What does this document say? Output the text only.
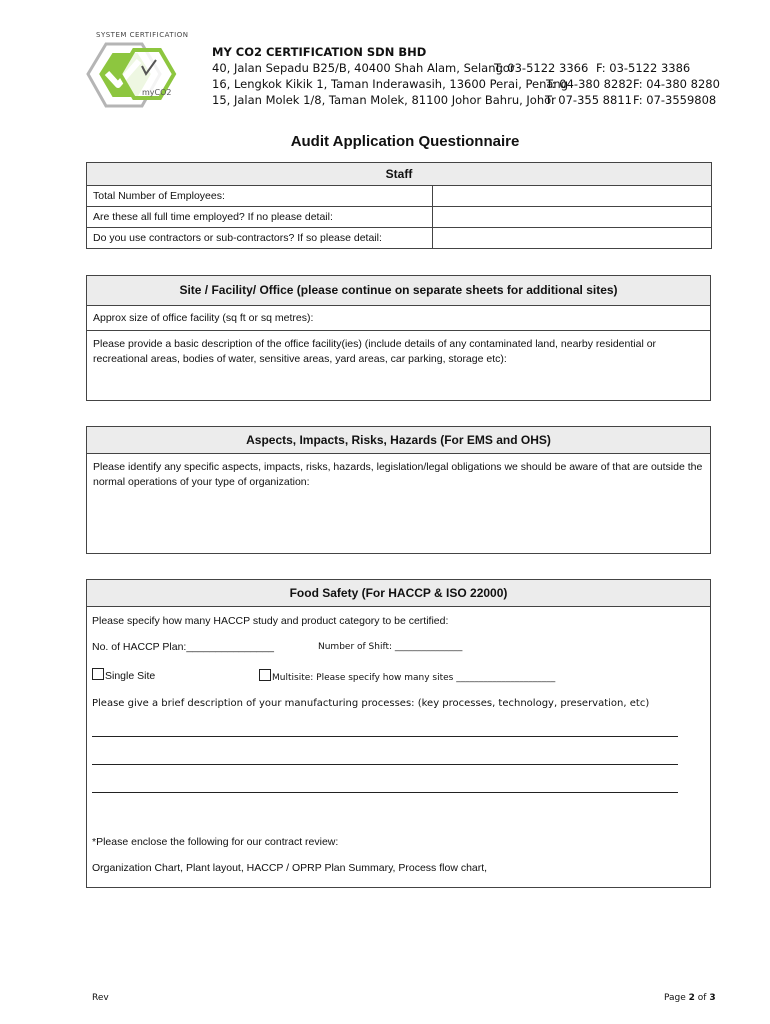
SYSTEM CERTIFICATION
myCO2
MY CO2 CERTIFICATION SDN BHD
40, Jalan Sepadu B25/B, 40400 Shah Alam, Selangor
T: 03-5122 3366 F: 03-5122 3386
16, Lengkok Kikik 1, Taman Inderawasih, 13600 Perai, Penang
T: 04-380 8282 F: 04-380 8280
15, Jalan Molek 1/8, Taman Molek, 81100 Johor Bahru, Johor
T: 07-355 8811 F: 07-3559808
Audit Application Questionnaire
Staff	
Total Number of Employees:	
Are these all full time employed? If no please detail:	
Do you use contractors or sub-contractors? If so please detail:	
Site / Facility/ Office (please continue on separate sheets for additional sites)
Approx size of office facility (sq ft or sq metres):
Please provide a basic description of the office facility(ies) (include details of any contaminated land, nearby residential or recreational areas, bodies of water, sensitive areas, yard areas, car parking, storage etc):
Aspects, Impacts, Risks, Hazards (For EMS and OHS)
Please identify any specific aspects, impacts, risks, hazards, legislation/legal obligations we should be aware of that are outside the normal operations of your type of organization:
Food Safety (For HACCP & ISO 22000)
Please specify how many HACCP study and product category to be certified:
No. of HACCP Plan:_______________	Number of Shift: _______________
Single Site	Multisite: Please specify how many sites ______________________
Please give a brief description of your manufacturing processes: (key processes, technology, preservation, etc)
*Please enclose the following for our contract review:
Organization Chart, Plant layout, HACCP / OPRP Plan Summary, Process flow chart,
Rev	Page 2 of 3
